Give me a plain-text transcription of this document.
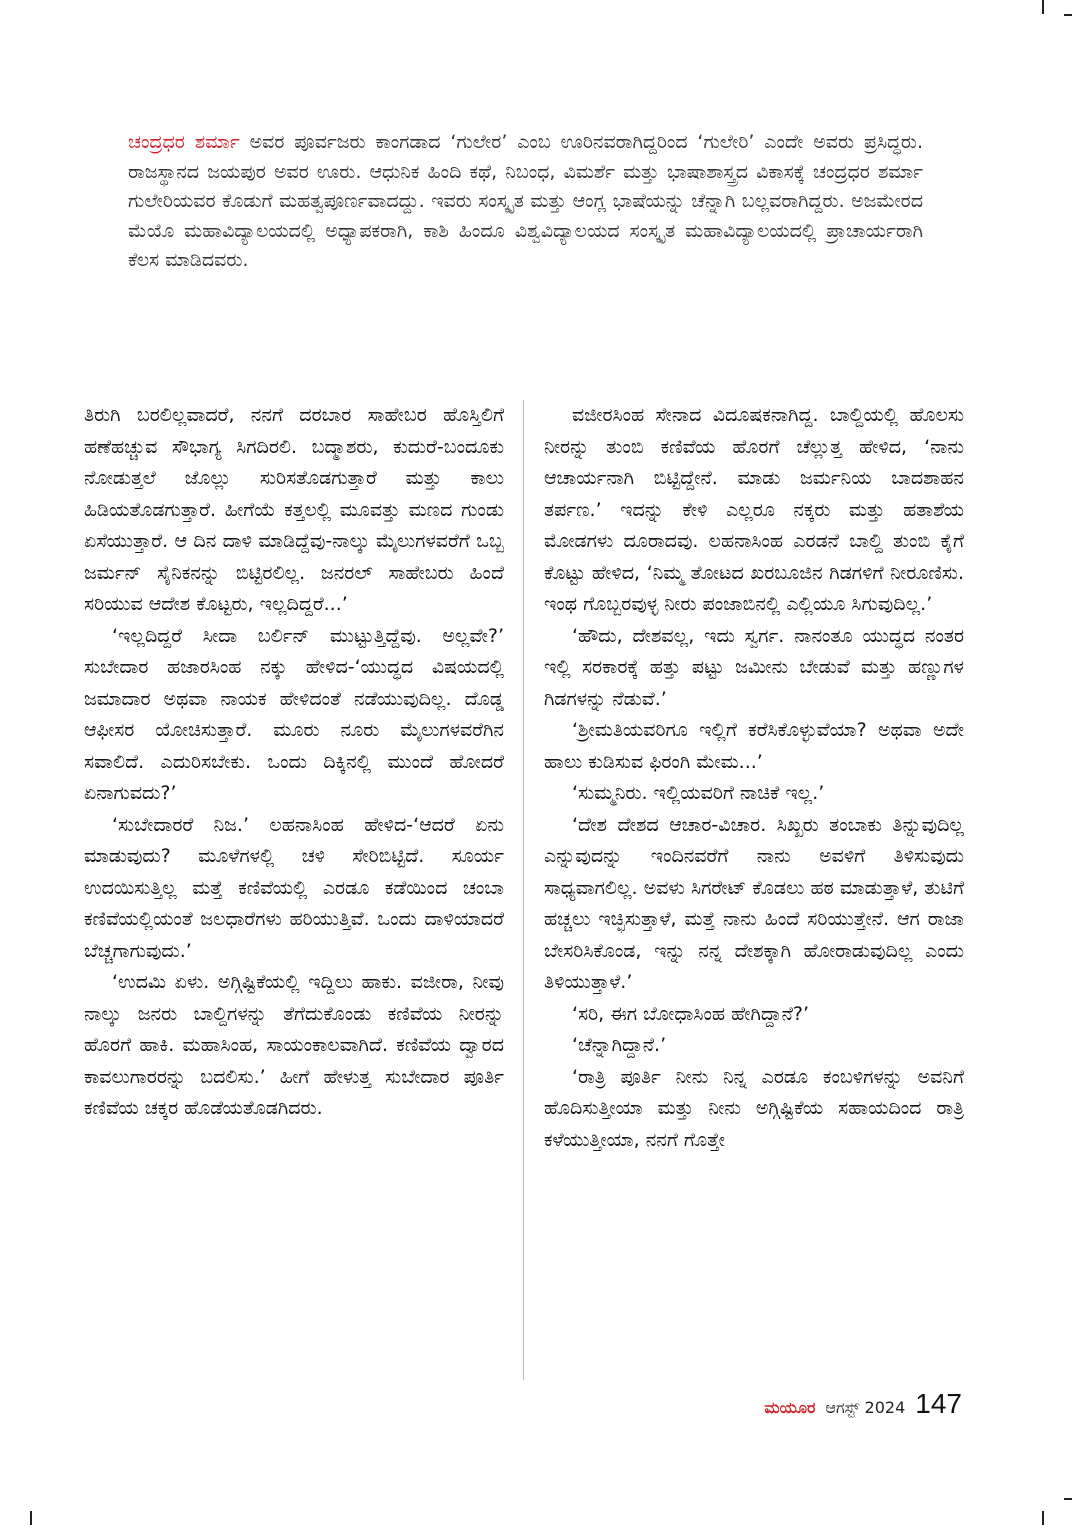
ಚಂದ್ರಧರ ಶರ್ಮಾ ಅವರ ಪೂರ್ವಜರು ಕಾಂಗಡಾದ ‘ಗುಲೇರ’ ಎಂಬ ಊರಿನವರಾಗಿದ್ದರಿಂದ ‘ಗುಲೇರಿ’ ಎಂದೇ ಅವರು ಪ್ರಸಿದ್ಧರು. ರಾಜಸ್ಥಾನದ ಜಯಪುರ ಅವರ ಊರು. ಆಧುನಿಕ ಹಿಂದಿ ಕಥೆ, ನಿಬಂಧ, ವಿಮರ್ಶೆ ಮತ್ತು ಭಾಷಾಶಾಸ್ತ್ರದ ವಿಕಾಸಕ್ಕೆ ಚಂದ್ರಧರ ಶರ್ಮಾ ಗುಲೇರಿಯವರ ಕೊಡುಗೆ ಮಹತ್ವಪೂರ್ಣವಾದದ್ದು. ಇವರು ಸಂಸ್ಕೃತ ಮತ್ತು ಆಂಗ್ಲ ಭಾಷೆಯನ್ನು ಚೆನ್ನಾಗಿ ಬಲ್ಲವರಾಗಿದ್ದರು. ಅಜಮೇರದ ಮೆಯೊ ಮಹಾವಿದ್ಯಾಲಯದಲ್ಲಿ ಅಧ್ಯಾಪಕರಾಗಿ, ಕಾಶಿ ಹಿಂದೂ ವಿಶ್ವವಿದ್ಯಾಲಯದ ಸಂಸ್ಕೃತ ಮಹಾವಿದ್ಯಾಲಯದಲ್ಲಿ ಪ್ರಾಚಾರ್ಯರಾಗಿ ಕೆಲಸ ಮಾಡಿದವರು.

ತಿರುಗಿ ಬರಲಿಲ್ಲವಾದರೆ, ನನಗೆ ದರಬಾರ ಸಾಹೇಬರ ಹೊಸ್ತಿಲಿಗೆ ಹಣೆಹಚ್ಚುವ ಸೌಭಾಗ್ಯ ಸಿಗದಿರಲಿ. ಬದ್ಮಾಶರು, ಕುದುರೆ-ಬಂದೂಕು ನೋಡುತ್ತಲೆ ಜೊಲ್ಲು ಸುರಿಸತೊಡಗುತ್ತಾರೆ ಮತ್ತು ಕಾಲು ಹಿಡಿಯತೊಡಗುತ್ತಾರೆ. ಹೀಗೆಯೆ ಕತ್ತಲಲ್ಲಿ ಮೂವತ್ತು ಮಣದ ಗುಂಡು ಏಸೆಯುತ್ತಾರೆ. ಆ ದಿನ ದಾಳಿ ಮಾಡಿದ್ದೆವು-ನಾಲ್ಕು ಮೈಲುಗಳವರೆಗೆ ಒಬ್ಬ ಜರ್ಮನ್ ಸೈನಿಕನನ್ನು ಬಿಟ್ಟಿರಲಿಲ್ಲ. ಜನರಲ್ ಸಾಹೇಬರು ಹಿಂದೆ ಸರಿಯುವ ಆದೇಶ ಕೊಟ್ಟರು, ಇಲ್ಲದಿದ್ದರೆ...’

‘ಇಲ್ಲದಿದ್ದರೆ ಸೀದಾ ಬರ್ಲಿನ್ ಮುಟ್ಟುತ್ತಿದ್ದೆವು. ಅಲ್ಲವೇ?’ ಸುಬೇದಾರ ಹಜಾರಸಿಂಹ ನಕ್ಕು ಹೇಳಿದ-‘ಯುದ್ಧದ ವಿಷಯದಲ್ಲಿ ಜಮಾದಾರ ಅಥವಾ ನಾಯಕ ಹೇಳಿದಂತೆ ನಡೆಯುವುದಿಲ್ಲ. ದೊಡ್ಡ ಆಫೀಸರ ಯೋಚಿಸುತ್ತಾರೆ. ಮೂರು ನೂರು ಮೈಲುಗಳವರೆಗಿನ ಸವಾಲಿದೆ. ಎದುರಿಸಬೇಕು. ಒಂದು ದಿಕ್ಕಿನಲ್ಲಿ ಮುಂದೆ ಹೋದರೆ ಏನಾಗುವದು?’

‘ಸುಬೇದಾರರೆ ನಿಜ.’ ಲಹನಾಸಿಂಹ ಹೇಳಿದ-‘ಆದರೆ ಏನು ಮಾಡುವುದು? ಮೂಳೆಗಳಲ್ಲಿ ಚಳಿ ಸೇರಿಬಿಟ್ಟಿದೆ. ಸೂರ್ಯ ಉದಯಿಸುತ್ತಿಲ್ಲ ಮತ್ತೆ ಕಣಿವೆಯಲ್ಲಿ ಎರಡೂ ಕಡೆಯಿಂದ ಚಂಬಾ ಕಣಿವೆಯಲ್ಲಿಯಂತೆ ಜಲಧಾರೆಗಳು ಹರಿಯುತ್ತಿವೆ. ಒಂದು ದಾಳಿಯಾದರೆ ಬೆಚ್ಚಗಾಗುವುದು.’

‘ಉದಮಿ ಏಳು. ಅಗ್ಗಿಷ್ಟಿಕೆಯಲ್ಲಿ ಇದ್ದಿಲು ಹಾಕು. ವಜೀರಾ, ನೀವು ನಾಲ್ಕು ಜನರು ಬಾಲ್ದಿಗಳನ್ನು ತೆಗೆದುಕೊಂಡು ಕಣಿವೆಯ ನೀರನ್ನು ಹೊರಗೆ ಹಾಕಿ. ಮಹಾಸಿಂಹ, ಸಾಯಂಕಾಲವಾಗಿದೆ. ಕಣಿವೆಯ ದ್ವಾರದ ಕಾವಲುಗಾರರನ್ನು ಬದಲಿಸು.’ ಹೀಗೆ ಹೇಳುತ್ತ ಸುಬೇದಾರ ಪೂರ್ತಿ ಕಣಿವೆಯ ಚಕ್ಕರ ಹೊಡೆಯತೊಡಗಿದರು.

ವಜೀರಸಿಂಹ ಸೇನಾದ ವಿದೂಷಕನಾಗಿದ್ದ. ಬಾಲ್ದಿಯಲ್ಲಿ ಹೊಲಸು ನೀರನ್ನು ತುಂಬಿ ಕಣಿವೆಯ ಹೊರಗೆ ಚೆಲ್ಲುತ್ತ ಹೇಳಿದ, ‘ನಾನು ಆಚಾರ್ಯನಾಗಿ ಬಿಟ್ಟಿದ್ದೇನೆ. ಮಾಡು ಜರ್ಮನಿಯ ಬಾದಶಾಹನ ತರ್ಪಣ.’ ಇದನ್ನು ಕೇಳಿ ಎಲ್ಲರೂ ನಕ್ಕರು ಮತ್ತು ಹತಾಶೆಯ ಮೋಡಗಳು ದೂರಾದವು. ಲಹನಾಸಿಂಹ ಎರಡನೆ ಬಾಲ್ದಿ ತುಂಬಿ ಕೈಗೆ ಕೊಟ್ಟು ಹೇಳಿದ, ‘ನಿಮ್ಮ ತೋಟದ ಖರಬೂಜಿನ ಗಿಡಗಳಿಗೆ ನೀರೂಣಿಸು. ಇಂಥ ಗೊಬ್ಬರವುಳ್ಳ ನೀರು ಪಂಜಾಬಿನಲ್ಲಿ ಎಲ್ಲಿಯೂ ಸಿಗುವುದಿಲ್ಲ.’

‘ಹೌದು, ದೇಶವಲ್ಲ, ಇದು ಸ್ವರ್ಗ. ನಾನಂತೂ ಯುದ್ಧದ ನಂತರ ಇಲ್ಲಿ ಸರಕಾರಕ್ಕೆ ಹತ್ತು ಪಟ್ಟು ಜಮೀನು ಬೇಡುವೆ ಮತ್ತು ಹಣ್ಣುಗಳ ಗಿಡಗಳನ್ನು ನೆಡುವೆ.’

‘ಶ್ರೀಮತಿಯವರಿಗೂ ಇಲ್ಲಿಗೆ ಕರೆಸಿಕೊಳ್ಳುವೆಯಾ? ಅಥವಾ ಅದೇ ಹಾಲು ಕುಡಿಸುವ ಫಿರಂಗಿ ಮೇಮ...’

‘ಸುಮ್ಮನಿರು. ಇಲ್ಲಿಯವರಿಗೆ ನಾಚಿಕೆ ಇಲ್ಲ.’

‘ದೇಶ ದೇಶದ ಆಚಾರ-ವಿಚಾರ. ಸಿಖ್ಖರು ತಂಬಾಕು ತಿನ್ನುವುದಿಲ್ಲ ಎನ್ನುವುದನ್ನು ಇಂದಿನವರೆಗೆ ನಾನು ಅವಳಿಗೆ ತಿಳಿಸುವುದು ಸಾಧ್ಯವಾಗಲಿಲ್ಲ. ಅವಳು ಸಿಗರೇಟ್ ಕೊಡಲು ಹಠ ಮಾಡುತ್ತಾಳೆ, ತುಟಿಗೆ ಹಚ್ಚಲು ಇಚ್ಛಿಸುತ್ತಾಳೆ, ಮತ್ತೆ ನಾನು ಹಿಂದೆ ಸರಿಯುತ್ತೇನೆ. ಆಗ ರಾಜಾ ಬೇಸರಿಸಿಕೊಂಡ, ಇನ್ನು ನನ್ನ ದೇಶಕ್ಕಾಗಿ ಹೋರಾಡುವುದಿಲ್ಲ ಎಂದು ತಿಳಿಯುತ್ತಾಳೆ.’

‘ಸರಿ, ಈಗ ಬೋಧಾಸಿಂಹ ಹೇಗಿದ್ದಾನೆ?’

‘ಚೆನ್ನಾಗಿದ್ದಾನೆ.’

‘ರಾತ್ರಿ ಪೂರ್ತಿ ನೀನು ನಿನ್ನ ಎರಡೂ ಕಂಬಳಿಗಳನ್ನು ಅವನಿಗೆ ಹೊದಿಸುತ್ತೀಯಾ ಮತ್ತು ನೀನು ಅಗ್ಗಿಷ್ಟಿಕೆಯ ಸಹಾಯದಿಂದ ರಾತ್ರಿ ಕಳೆಯುತ್ತೀಯಾ, ನನಗೆ ಗೊತ್ತೇ

ಮಯೂರ ಆಗಸ್ಟ್ 2024 147
